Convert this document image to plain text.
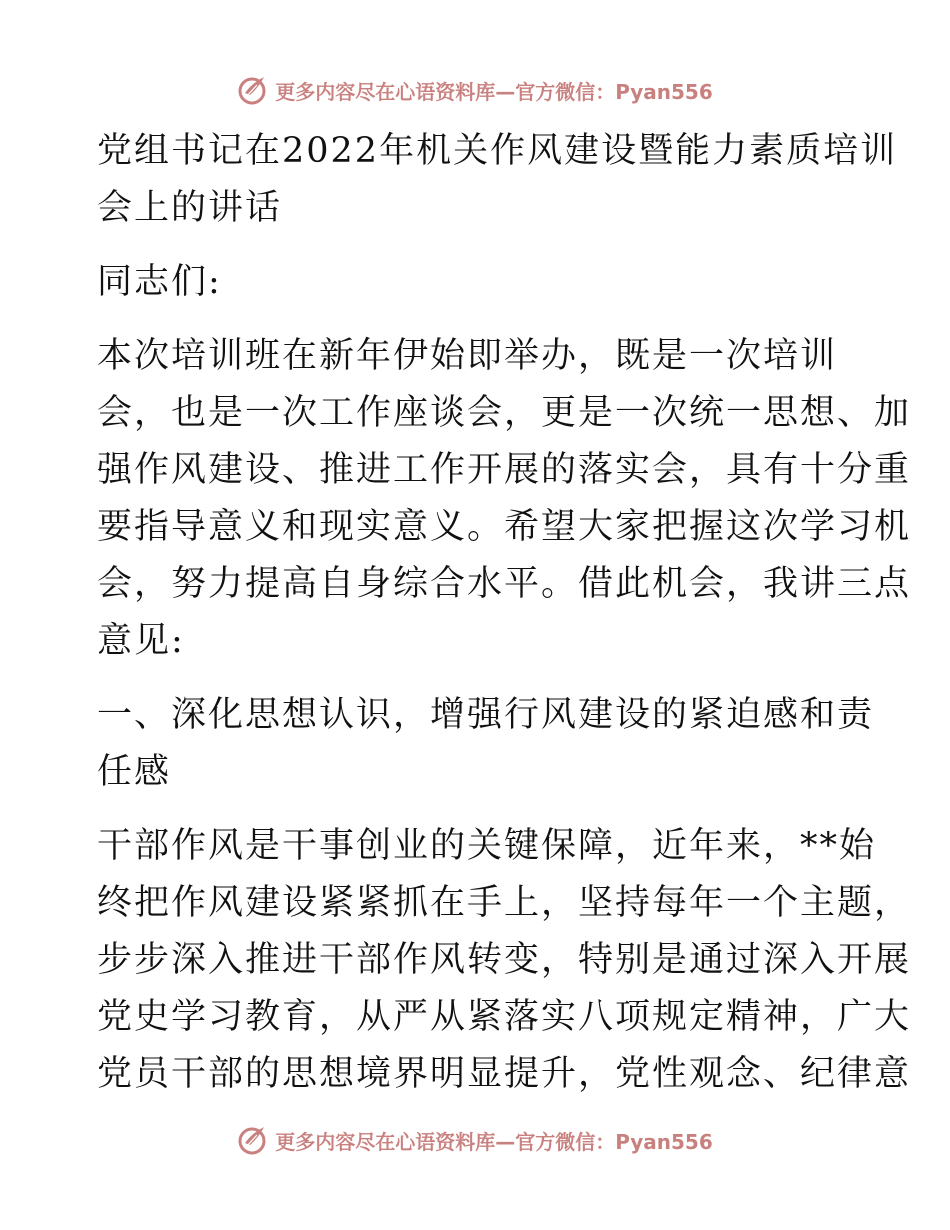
更多内容尽在心语资料库—官方微信：Pyan556
党组书记在2022年机关作风建设暨能力素质培训
会上的讲话
同志们:
本次培训班在新年伊始即举办，既是一次培训
会，也是一次工作座谈会，更是一次统一思想、加
强作风建设、推进工作开展的落实会，具有十分重
要指导意义和现实意义。希望大家把握这次学习机
会，努力提高自身综合水平。借此机会，我讲三点
意见:
一、深化思想认识，增强行风建设的紧迫感和责
任感
干部作风是干事创业的关键保障，近年来，**始
终把作风建设紧紧抓在手上，坚持每年一个主题，
步步深入推进干部作风转变，特别是通过深入开展
党史学习教育，从严从紧落实八项规定精神，广大
党员干部的思想境界明显提升，党性观念、纪律意
更多内容尽在心语资料库—官方微信：Pyan556
